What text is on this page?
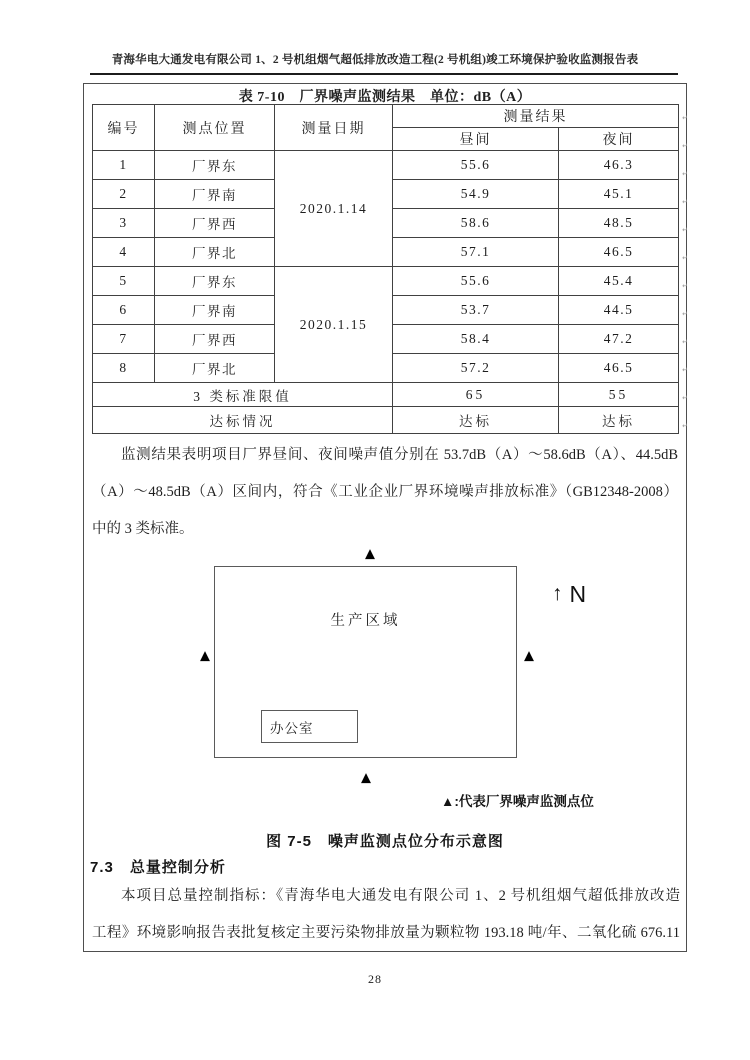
青海华电大通发电有限公司 1、2 号机组烟气超低排放改造工程(2 号机组)竣工环境保护验收监测报告表
表 7-10　厂界噪声监测结果　单位：dB（A）
编号	测点位置	测量日期	测量结果	
			昼间	夜间
1	厂界东	2020.1.14	55.6	46.3
2	厂界南		54.9	45.1
3	厂界西		58.6	48.5
4	厂界北		57.1	46.5
5	厂界东	2020.1.15	55.6	45.4
6	厂界南		53.7	44.5
7	厂界西		58.4	47.2
8	厂界北		57.2	46.5
3 类标准限值			65	55
达标情况			达标	达标
↵
↵
↵
↵
↵
↵
↵
↵
↵
↵
↵
↵
监测结果表明项目厂界昼间、夜间噪声值分别在 53.7dB（A）～58.6dB（A）、44.5dB
（A）～48.5dB（A）区间内，符合《工业企业厂界环境噪声排放标准》（GB12348-2008）
中的 3 类标准。
生产区域
办公室
▲
▲	▲
▲
↑ N
▲:代表厂界噪声监测点位
图 7-5　噪声监测点位分布示意图
7.3　总量控制分析
本项目总量控制指标：《青海华电大通发电有限公司 1、2 号机组烟气超低排放改造
工程》环境影响报告表批复核定主要污染物排放量为颗粒物 193.18 吨/年、二氧化硫 676.11
28
